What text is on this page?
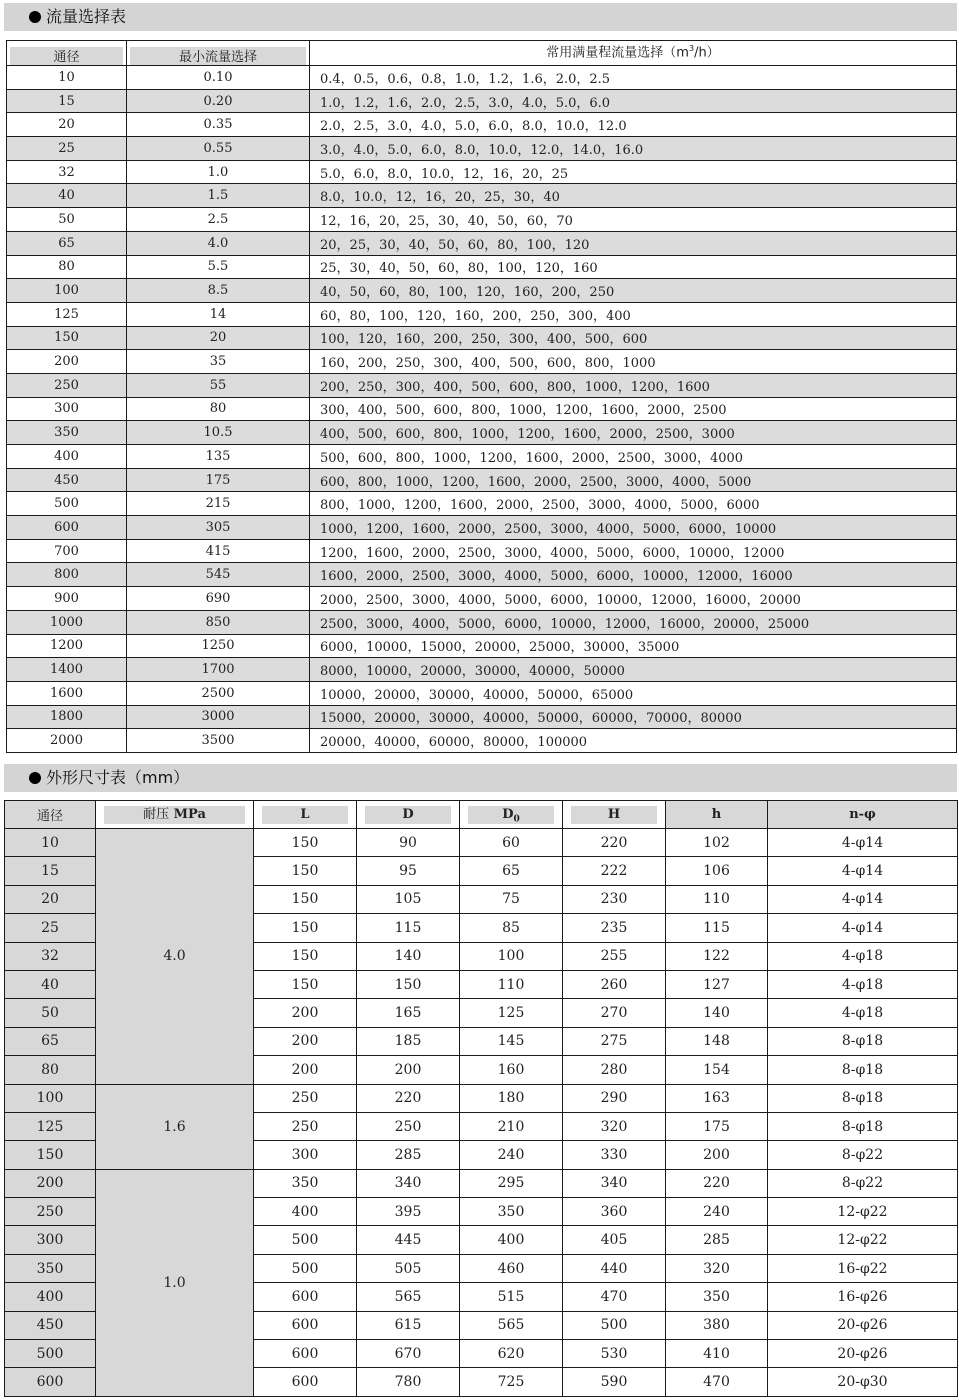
流量选择表
通径	最小流量选择	常用满量程流量选择$(m^3/h)$

10	0.10	0.4，0.5，0.6，0.8，1.0，1.2，1.6，2.0，2.5
15	0.20	1.0，1.2，1.6，2.0，2.5，3.0，4.0，5.0，6.0
20	0.35	2.0，2.5，3.0，4.0，5.0，6.0，8.0，10.0，12.0
25	0.55	3.0，4.0，5.0，6.0，8.0，10.0，12.0，14.0，16.0
32	1.0	5.0，6.0，8.0，10.0，12，16，20，25
40	1.5	8.0，10.0，12，16，20，25，30，40
50	2.5	12，16，20，25，30，40，50，60，70
65	4.0	20，25，30，40，50，60，80，100，120
80	5.5	25，30，40，50，60，80，100，120，160
100	8.5	40，50，60，80，100，120，160，200，250
125	14	60，80，100，120，160，200，250，300，400
150	20	100，120，160，200，250，300，400，500，600
200	35	160，200，250，300，400，500，600，800，1000
250	55	200，250，300，400，500，600，800，1000，1200，1600
300	80	300，400，500，600，800，1000，1200，1600，2000，2500
350	10.5	400，500，600，800，1000，1200，1600，2000，2500，3000
400	135	500，600，800，1000，1200，1600，2000，2500，3000，4000
450	175	600，800，1000，1200，1600，2000，2500，3000，4000，5000
500	215	800，1000，1200，1600，2000，2500，3000，4000，5000，6000
600	305	1000，1200，1600，2000，2500，3000，4000，5000，6000，10000
700	415	1200，1600，2000，2500，3000，4000，5000，6000，10000，12000
800	545	1600，2000，2500，3000，4000，5000，6000，10000，12000，16000
900	690	2000，2500，3000，4000，5000，6000，10000，12000，16000，20000
1000	850	2500，3000，4000，5000，6000，10000，12000，16000，20000，25000
1200	1250	6000，10000，15000，20000，25000，30000，35000
1400	1700	8000，10000，20000，30000，40000，50000
1600	2500	10000，20000，30000，40000，50000，65000
1800	3000	15000，20000，30000，40000，50000，60000，70000，80000
2000	3500	20000，40000，60000，80000，100000
外形尺寸表（mm）
通径	耐压 MPa	L	D	$D_0$	H	h	n-φ
10	4.0	150	90	60	220	102	4-φ14
15		150	95	65	222	106	4-φ14
20		150	105	75	230	110	4-φ14
25		150	115	85	235	115	4-φ14
32		150	140	100	255	122	4-φ18
40		150	150	110	260	127	4-φ18
50		200	165	125	270	140	4-φ18
65		200	185	145	275	148	8-φ18
80		200	200	160	280	154	8-φ18
100	1.6	250	220	180	290	163	8-φ18
125		250	250	210	320	175	8-φ18
150		300	285	240	330	200	8-φ22
200	1.0	350	340	295	340	220	8-φ22
250		400	395	350	360	240	12-φ22
300		500	445	400	405	285	12-φ22
350		500	505	460	440	320	16-φ22
400		600	565	515	470	350	16-φ26
450		600	615	565	500	380	20-φ26
500		600	670	620	530	410	20-φ26
600		600	780	725	590	470	20-φ30
